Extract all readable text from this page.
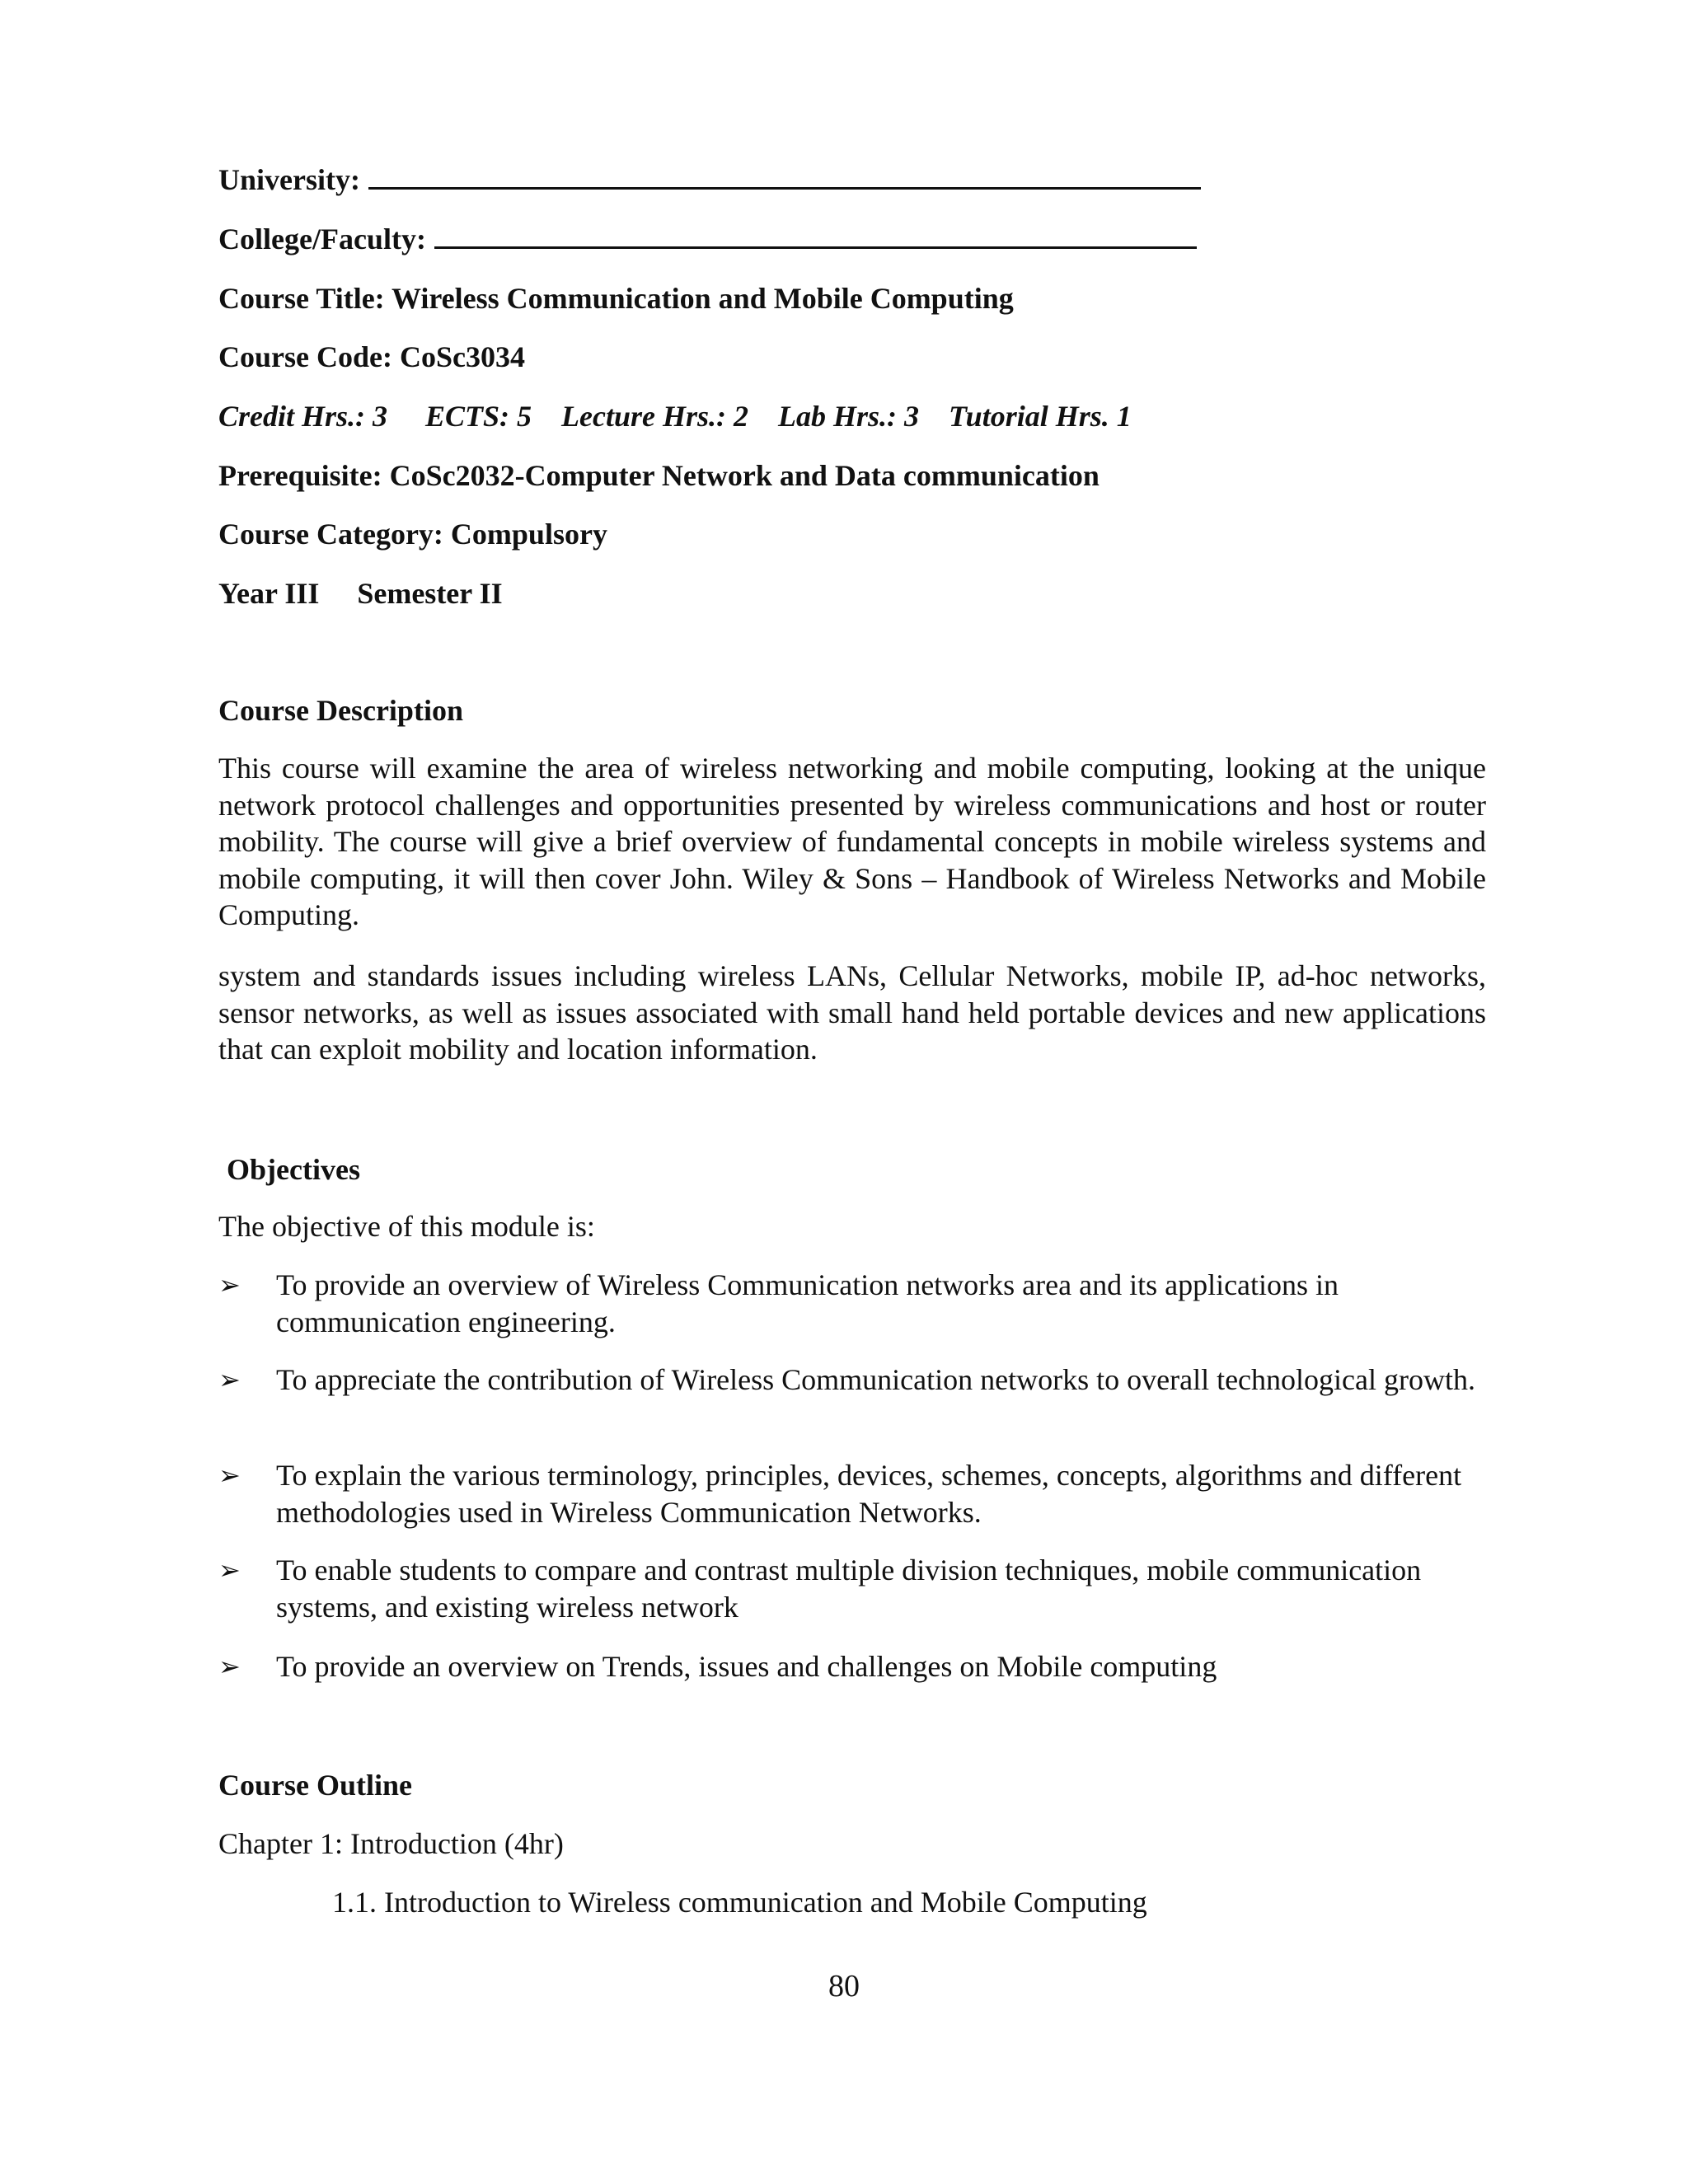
University:
College/Faculty:
Course Title: Wireless Communication and Mobile Computing
Course Code: CoSc3034
Credit Hrs.: 3 ECTS: 5 Lecture Hrs.: 2 Lab Hrs.: 3 Tutorial Hrs. 1
Prerequisite: CoSc2032-Computer Network and Data communication
Course Category: Compulsory
Year III Semester II
Course Description

This course will examine the area of wireless networking and mobile computing, looking at the unique network protocol challenges and opportunities presented by wireless communications and host or router mobility. The course will give a brief overview of fundamental concepts in mobile wireless systems and mobile computing, it will then cover John. Wiley & Sons – Handbook of Wireless Networks and Mobile Computing.

system and standards issues including wireless LANs, Cellular Networks, mobile IP, ad-hoc networks, sensor networks, as well as issues associated with small hand held portable devices and new applications that can exploit mobility and location information.

Objectives
The objective of this module is:
➢ To provide an overview of Wireless Communication networks area and its applications in communication engineering.
➢ To appreciate the contribution of Wireless Communication networks to overall technological growth.
➢ To explain the various terminology, principles, devices, schemes, concepts, algorithms and different methodologies used in Wireless Communication Networks.
➢ To enable students to compare and contrast multiple division techniques, mobile communication systems, and existing wireless network
➢ To provide an overview on Trends, issues and challenges on Mobile computing
Course Outline
Chapter 1: Introduction (4hr)
1.1. Introduction to Wireless communication and Mobile Computing
80
